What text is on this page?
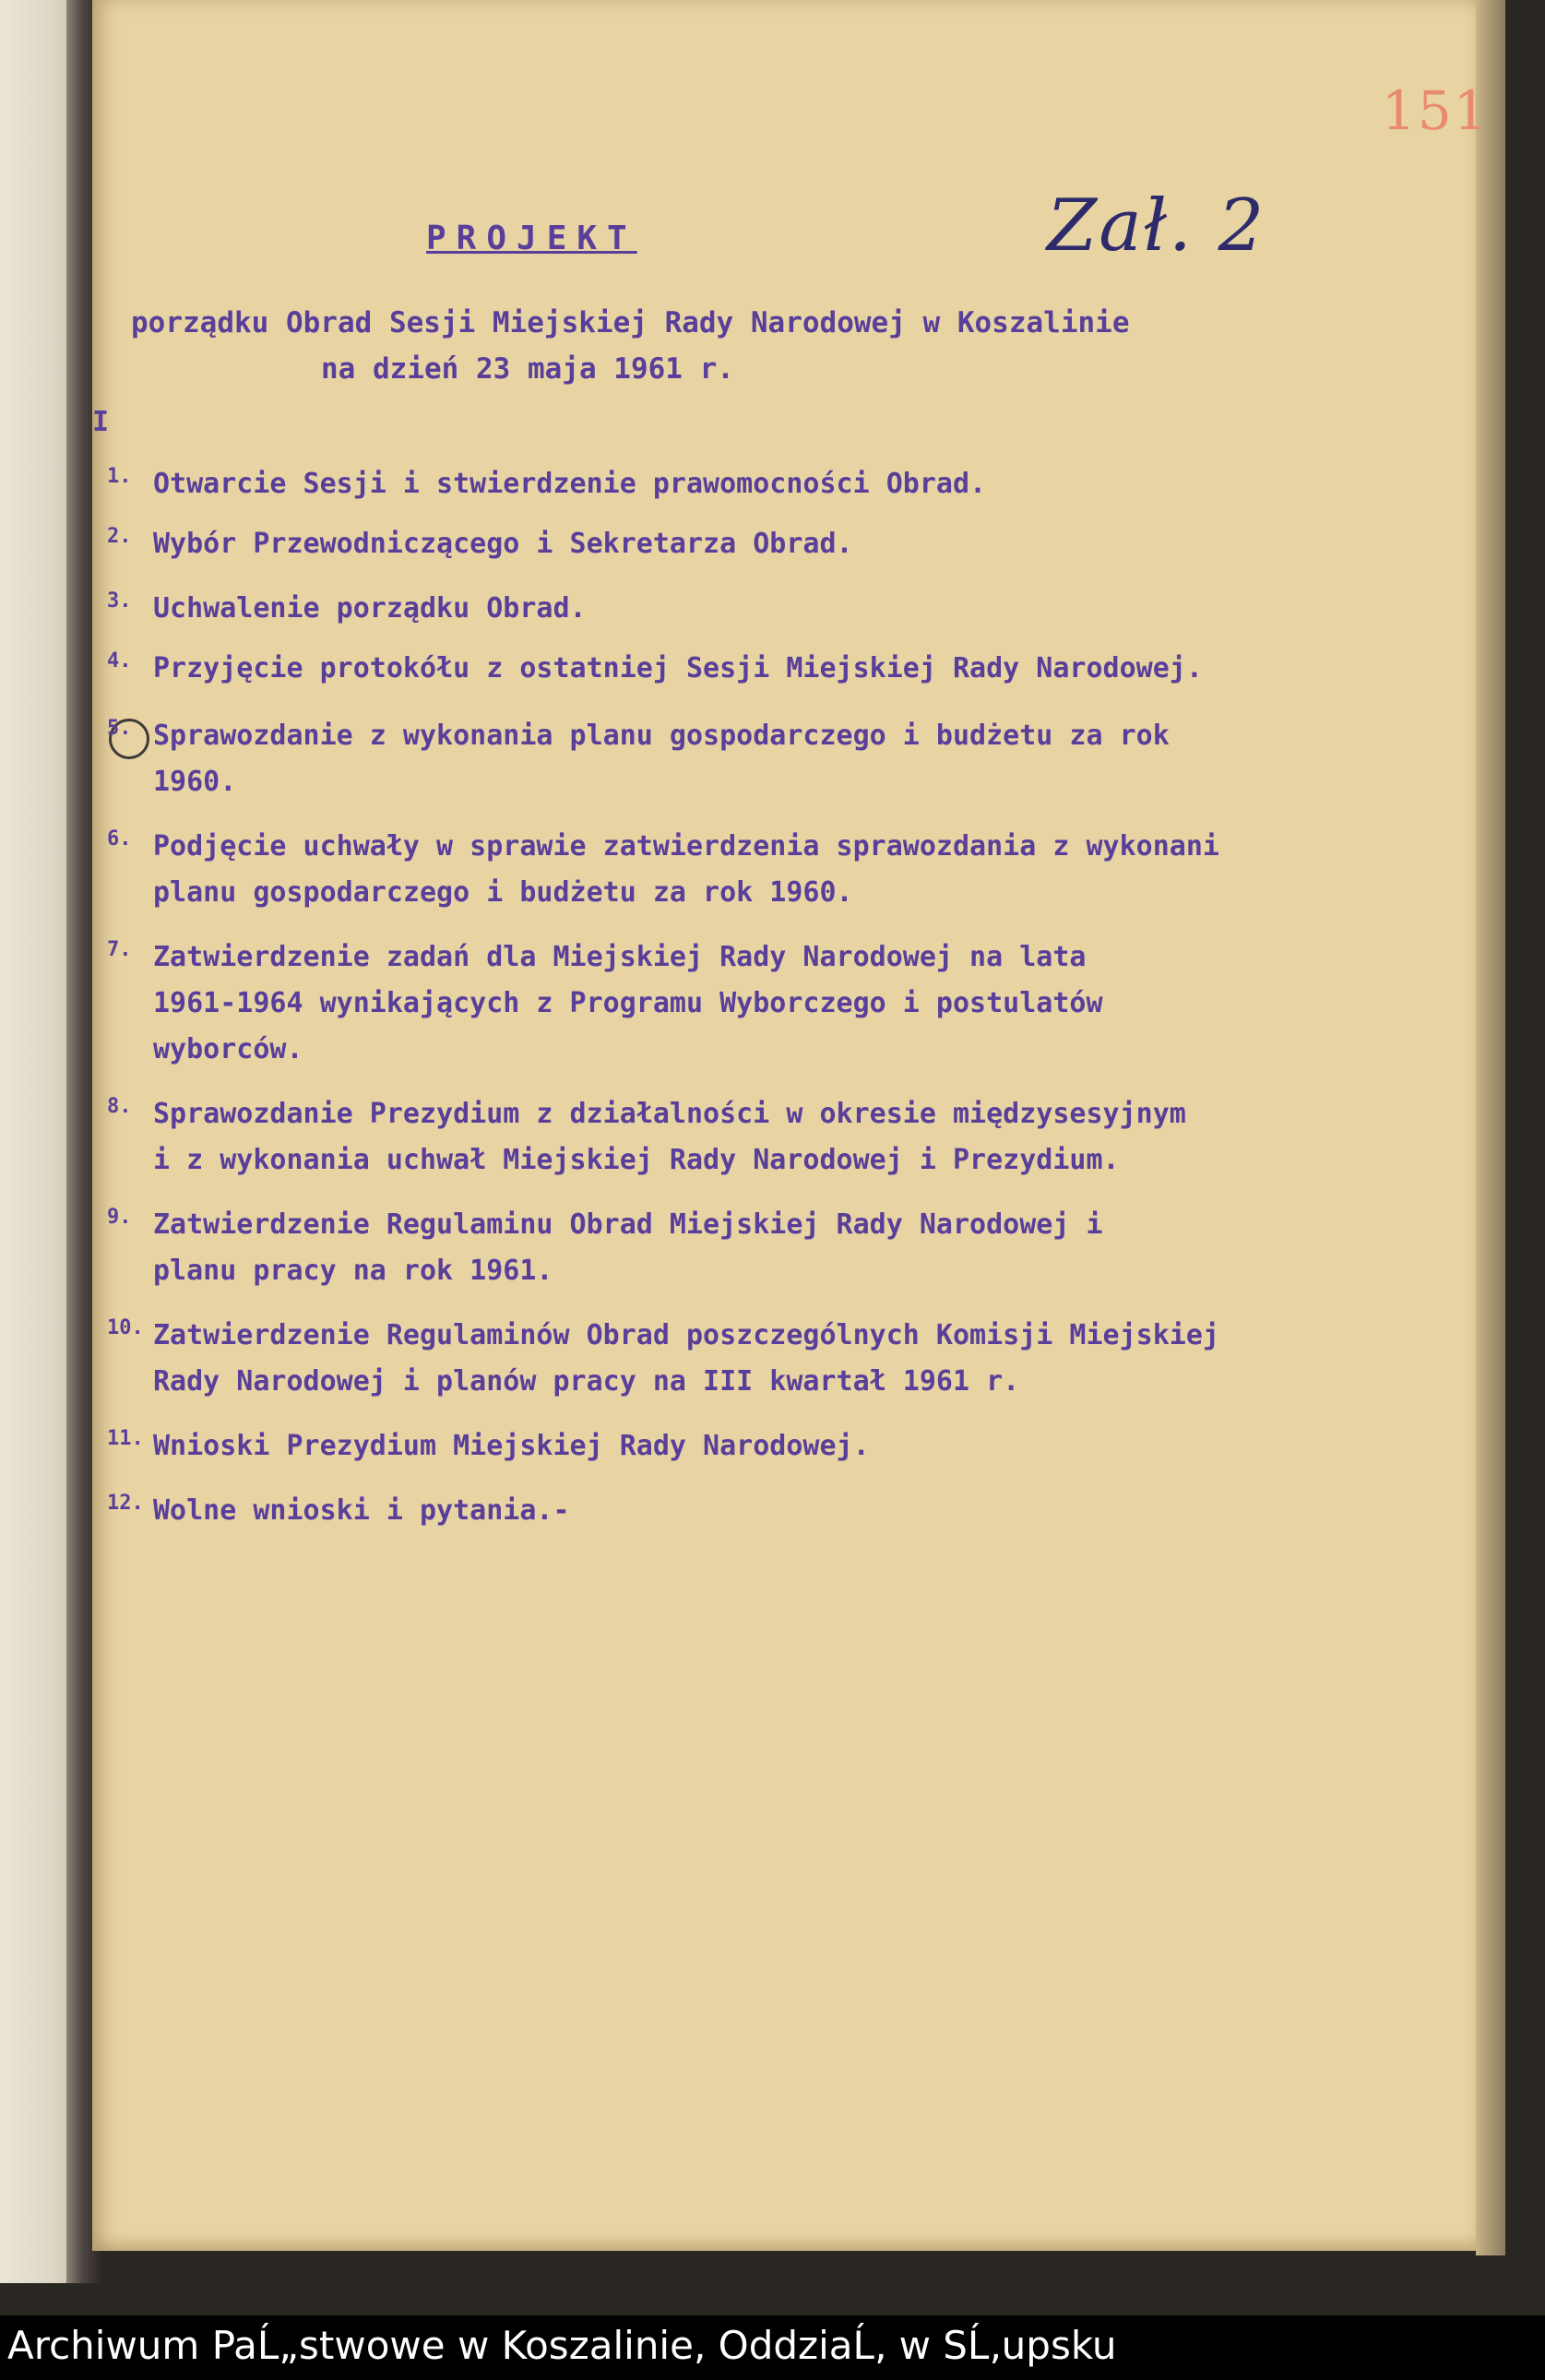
151
Zał. 2
PROJEKT
porządku Obrad Sesji Miejskiej Rady Narodowej w Koszalinie
na dzień 23 maja 1961 r.
I
1. Otwarcie Sesji i stwierdzenie prawomocności Obrad.
2. Wybór Przewodniczącego i Sekretarza Obrad.
3. Uchwalenie porządku Obrad.
4. Przyjęcie protokółu z ostatniej Sesji Miejskiej Rady Narodowej.
5. Sprawozdanie z wykonania planu gospodarczego i budżetu za rok
1960.
6. Podjęcie uchwały w sprawie zatwierdzenia sprawozdania z wykonani
planu gospodarczego i budżetu za rok 1960.
7. Zatwierdzenie zadań dla Miejskiej Rady Narodowej na lata
1961-1964 wynikających z Programu Wyborczego i postulatów
wyborców.
8. Sprawozdanie Prezydium z działalności w okresie międzysesyjnym
i z wykonania uchwał Miejskiej Rady Narodowej i Prezydium.
9. Zatwierdzenie Regulaminu Obrad Miejskiej Rady Narodowej i
planu pracy na rok 1961.
10. Zatwierdzenie Regulaminów Obrad poszczególnych Komisji Miejskiej
Rady Narodowej i planów pracy na III kwartał 1961 r.
11. Wnioski Prezydium Miejskiej Rady Narodowej.
12. Wolne wnioski i pytania.-
Archiwum PaĹ„stwowe w Koszalinie, OddziaĹ‚ w SĹ‚upsku
